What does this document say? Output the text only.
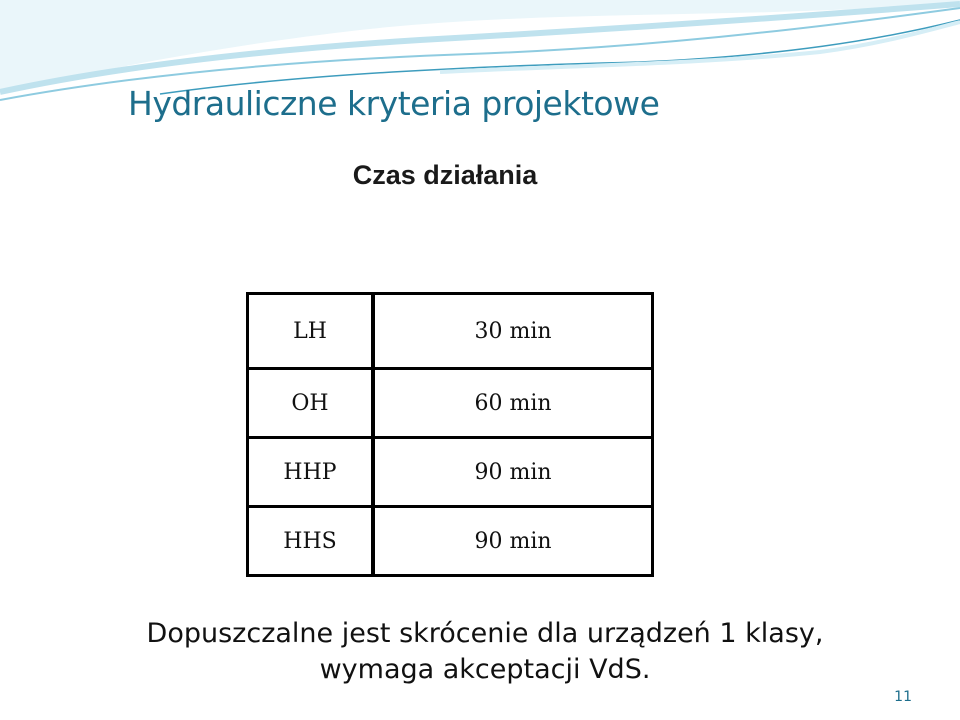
Hydrauliczne kryteria projektowe
Czas działania
LH	30 min
OH	60 min
HHP	90 min
HHS	90 min
Dopuszczalne jest skrócenie dla urządzeń 1 klasy,
wymaga akceptacji VdS.
11
